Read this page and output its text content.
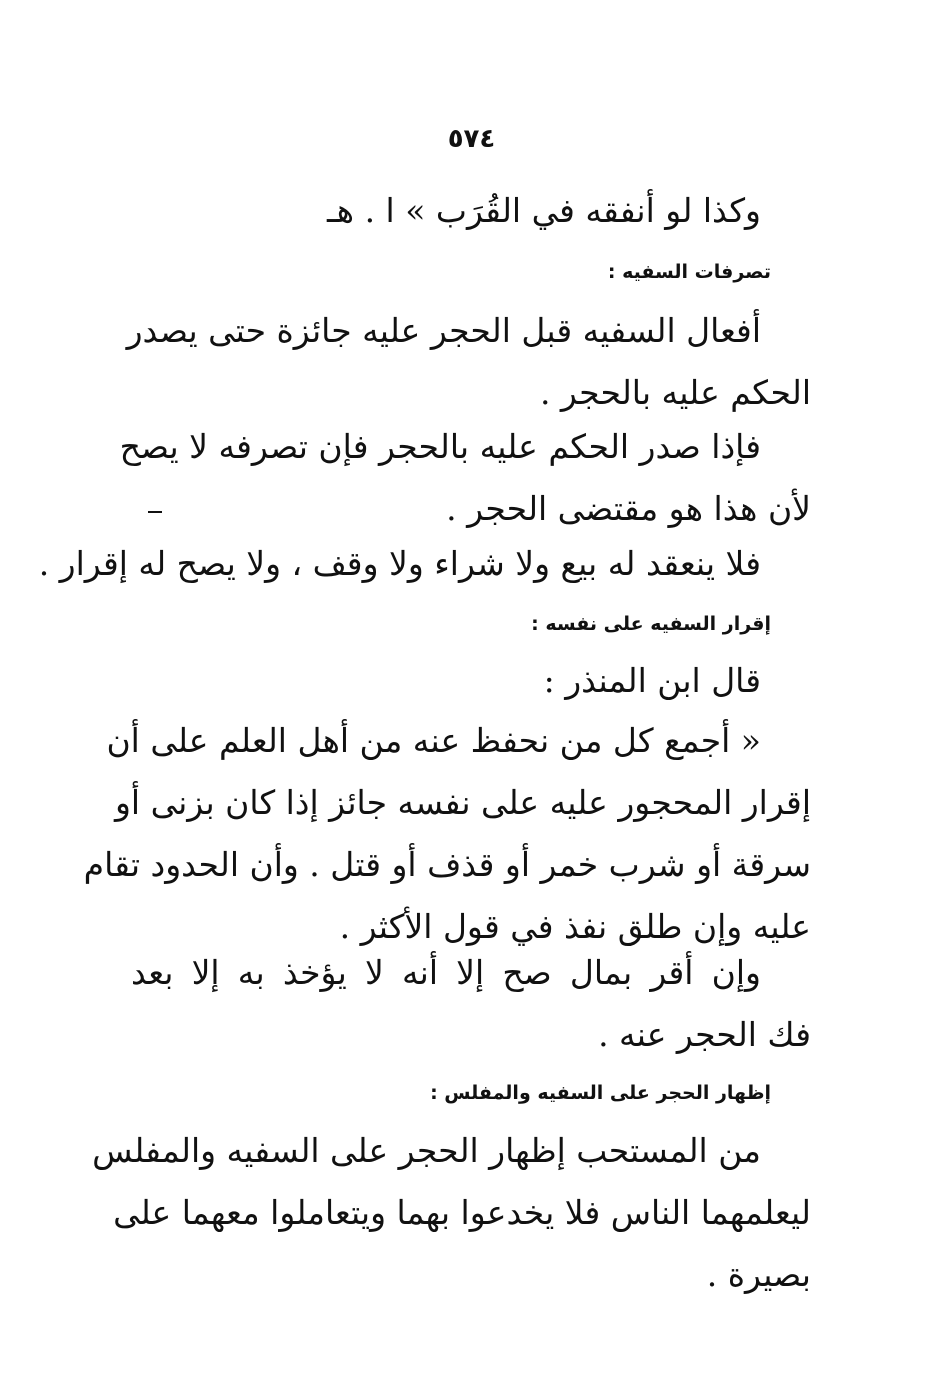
٥٧٤
وكذا لو أنفقه في القُرَب » ا . هـ
تصرفات السفيه :
أفعال السفيه قبل الحجر عليه جائزة حتى يصدر
الحكم عليه بالحجر .
فإذا صدر الحكم عليه بالحجر فإن تصرفه لا يصح
لأن هذا هو مقتضى الحجر .
فلا ينعقد له بيع ولا شراء ولا وقف ، ولا يصح له إقرار .
إقرار السفيه على نفسه :
قال ابن المنذر :
« أجمع كل من نحفظ عنه من أهل العلم على أن
إقرار المحجور عليه على نفسه جائز إذا كان بزنى أو
سرقة أو شرب خمر أو قذف أو قتل . وأن الحدود تقام
عليه وإن طلق نفذ في قول الأكثر .
وإن أقر بمال صح إلا أنه لا يؤخذ به إلا بعد
فك الحجر عنه .
إظهار الحجر على السفيه والمفلس :
من المستحب إظهار الحجر على السفيه والمفلس
ليعلمهما الناس فلا يخدعوا بهما ويتعاملوا معهما على
بصيرة .
